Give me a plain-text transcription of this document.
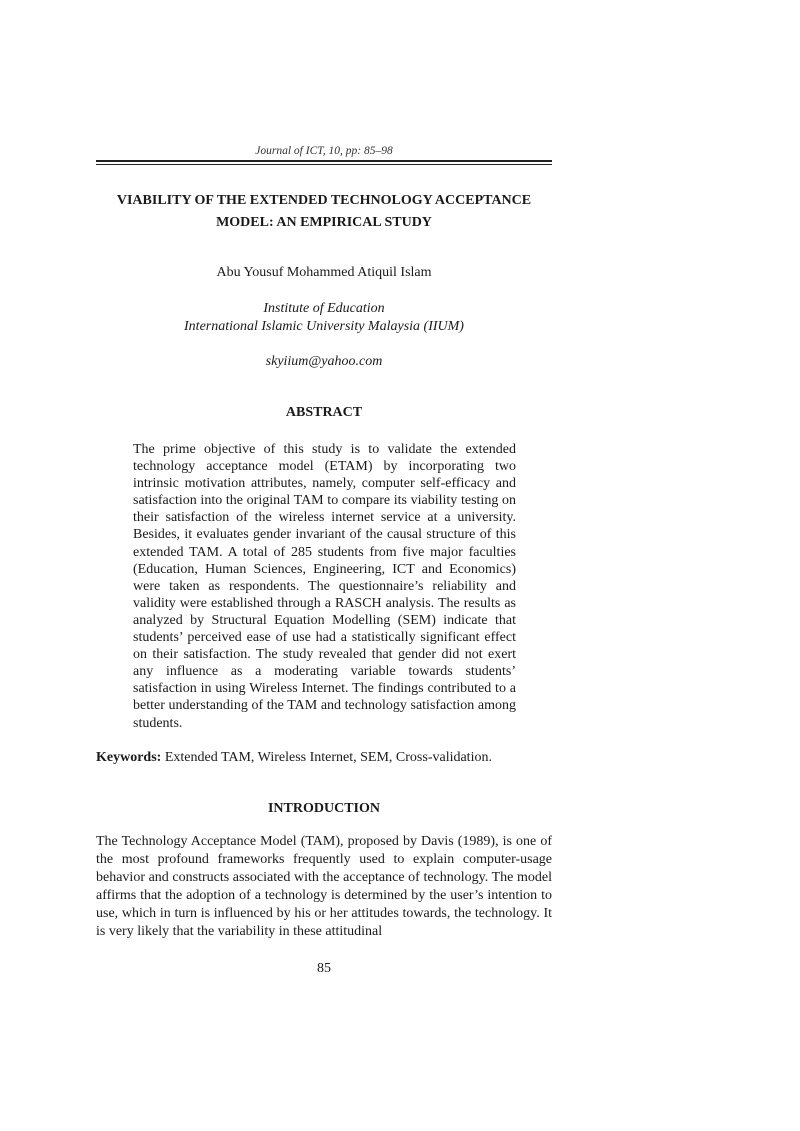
Journal of ICT, 10, pp: 85–98
VIABILITY OF THE EXTENDED TECHNOLOGY ACCEPTANCE
MODEL: AN EMPIRICAL STUDY
Abu Yousuf Mohammed Atiquil Islam
Institute of Education
International Islamic University Malaysia (IIUM)
skyiium@yahoo.com
ABSTRACT
The prime objective of this study is to validate the extended technology acceptance model (ETAM) by incorporating two intrinsic motivation attributes, namely, computer self-efficacy and satisfaction into the original TAM to compare its viability testing on their satisfaction of the wireless internet service at a university. Besides, it evaluates gender invariant of the causal structure of this extended TAM. A total of 285 students from five major faculties (Education, Human Sciences, Engineering, ICT and Economics) were taken as respondents. The questionnaire’s reliability and validity were established through a RASCH analysis. The results as analyzed by Structural Equation Modelling (SEM) indicate that students’ perceived ease of use had a statistically significant effect on their satisfaction. The study revealed that gender did not exert any influence as a moderating variable towards students’ satisfaction in using Wireless Internet. The findings contributed to a better understanding of the TAM and technology satisfaction among students.
Keywords: Extended TAM, Wireless Internet, SEM, Cross-validation.
INTRODUCTION
The Technology Acceptance Model (TAM), proposed by Davis (1989), is one of the most profound frameworks frequently used to explain computer-usage behavior and constructs associated with the acceptance of technology. The model affirms that the adoption of a technology is determined by the user’s intention to use, which in turn is influenced by his or her attitudes towards, the technology. It is very likely that the variability in these attitudinal
85
